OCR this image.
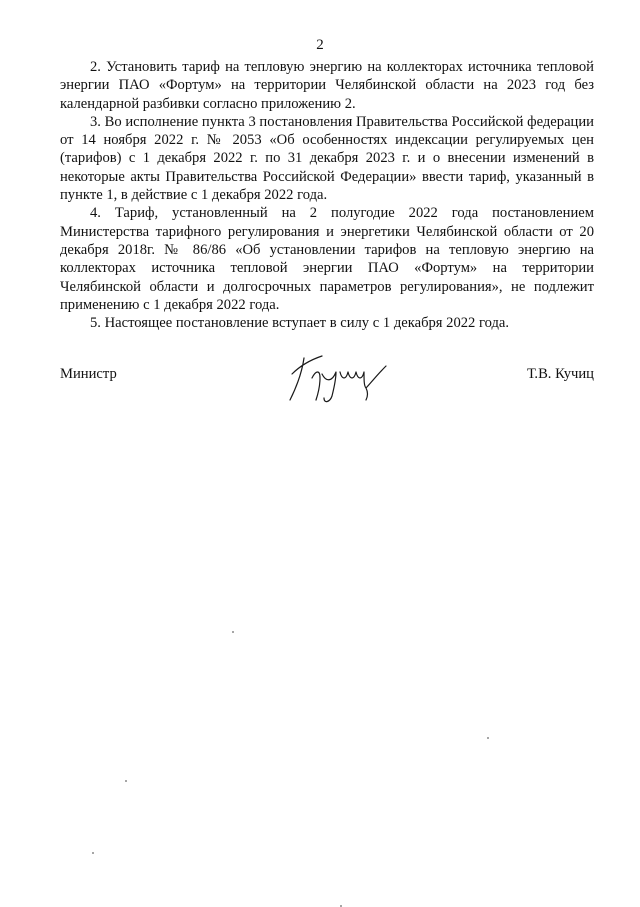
2

2. Установить тариф на тепловую энергию на коллекторах источника тепловой энергии ПАО «Фортум» на территории Челябинской области на 2023 год без календарной разбивки согласно приложению 2.

3. Во исполнение пункта 3 постановления Правительства Российской федерации от 14 ноября 2022 г. № 2053 «Об особенностях индексации регулируемых цен (тарифов) с 1 декабря 2022 г. по 31 декабря 2023 г. и о внесении изменений в некоторые акты Правительства Российской Федерации» ввести тариф, указанный в пункте 1, в действие с 1 декабря 2022 года.

4. Тариф, установленный на 2 полугодие 2022 года постановлением Министерства тарифного регулирования и энергетики Челябинской области от 20 декабря 2018г. № 86/86 «Об установлении тарифов на тепловую энергию на коллекторах источника тепловой энергии ПАО «Фортум» на территории Челябинской области и долгосрочных параметров регулирования», не подлежит применению с 1 декабря 2022 года.

5. Настоящее постановление вступает в силу с 1 декабря 2022 года.

Министр	Т.В. Кучиц
